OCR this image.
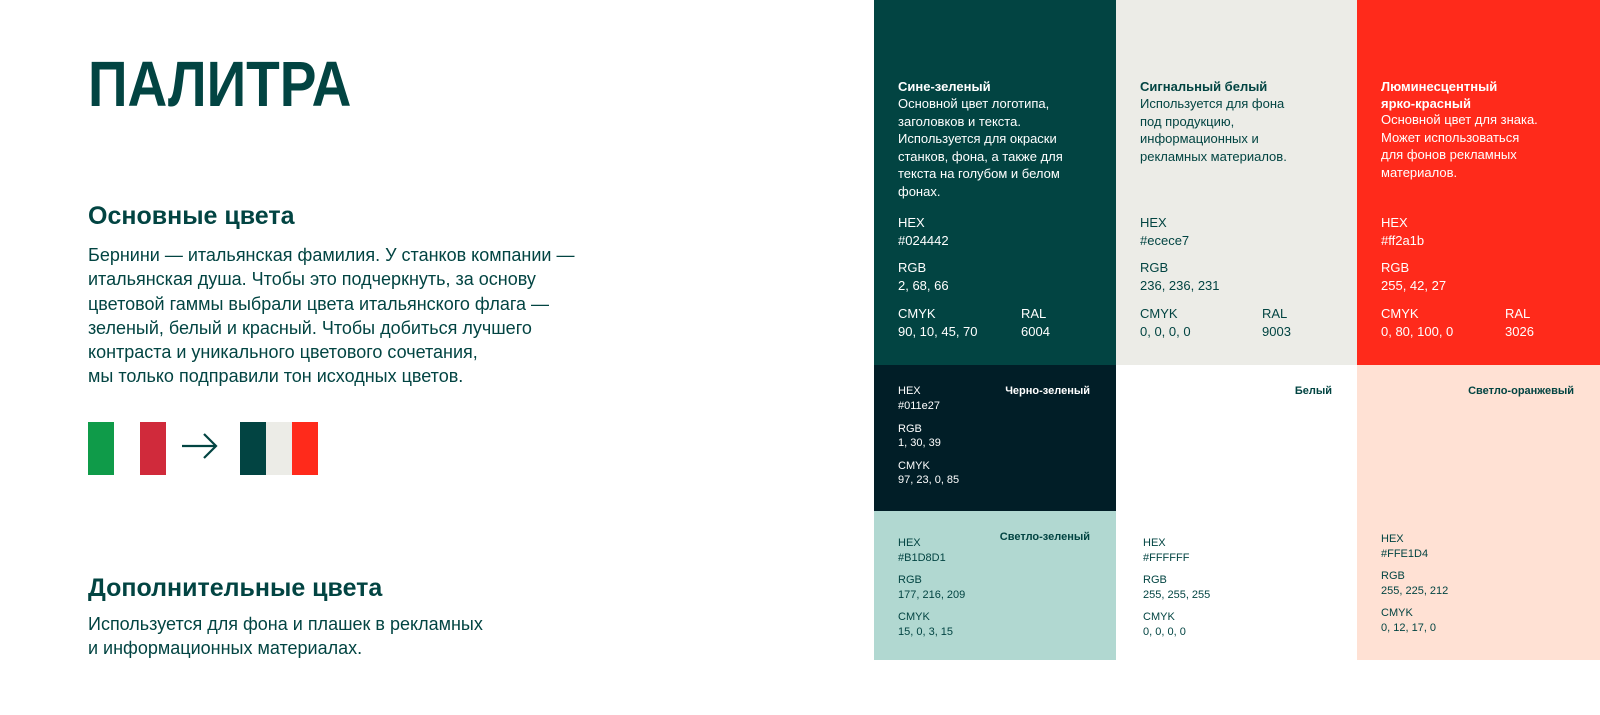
ПАЛИТРА
Основные цвета

Бернини — итальянская фамилия. У станков компании —
итальянская душа. Чтобы это подчеркнуть, за основу
цветовой гаммы выбрали цвета итальянского флага —
зеленый, белый и красный. Чтобы добиться лучшего
контраста и уникального цветового сочетания,
мы только подправили тон исходных цветов.

Дополнительные цвета

Используется для фона и плашек в рекламных
и информационных материалах.

Сине-зеленый

Основной цвет логотипа,
заголовков и текста.
Используется для окраски
станков, фона, а также для
текста на голубом и белом
фонах.

HEX

#024442

RGB

2, 68, 66

CMYK

90, 10, 45, 70

RAL

6004

Сигнальный белый

Используется для фона
под продукцию,
информационных и
рекламных материалов.

HEX

#ecece7

RGB

236, 236, 231

CMYK

0, 0, 0, 0

RAL

9003

Люминесцентный
ярко-красный

Основной цвет для знака.
Может использоваться
для фонов рекламных
материалов.

HEX

#ff2a1b

RGB

255, 42, 27

CMYK

0, 80, 100, 0

RAL

3026

Черно-зеленый

HEX

#011e27

RGB

1, 30, 39

CMYK

97, 23, 0, 85

Белый

HEX

#FFFFFF

RGB

255, 255, 255

CMYK

0, 0, 0, 0

Светло-оранжевый

HEX

#FFE1D4

RGB

255, 225, 212

CMYK

0, 12, 17, 0

Светло-зеленый

HEX

#B1D8D1

RGB

177, 216, 209

CMYK

15, 0, 3, 15
